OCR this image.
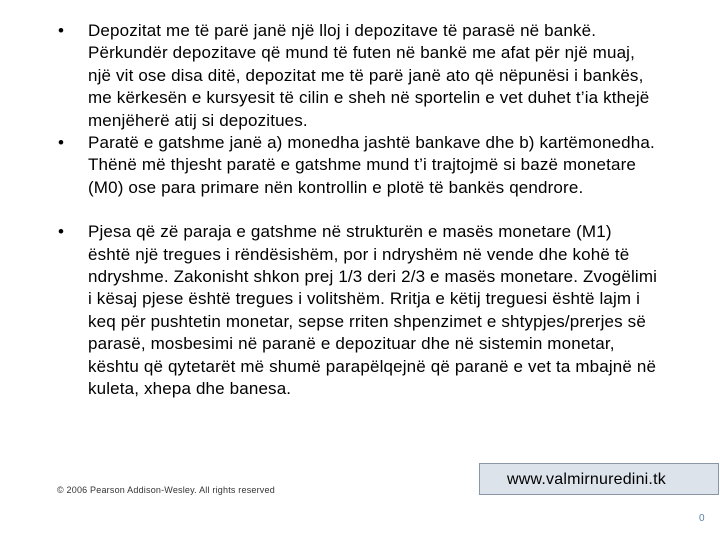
•	Depozitat me të parë janë një lloj i depozitave të parasë në bankë. Përkundër depozitave që mund të futen në bankë me afat për një muaj, një vit ose disa ditë, depozitat me të parë janë ato që nëpunësi i bankës, me kërkesën e kursyesit të cilin e sheh në sportelin e vet duhet t’ia kthejë menjëherë atij si depozitues.
•	Paratë e gatshme janë a) monedha jashtë bankave dhe b) kartëmonedha. Thënë më thjesht paratë e gatshme mund t’i trajtojmë si bazë monetare (M0) ose para primare nën kontrollin e plotë të bankës qendrore.
•	Pjesa që zë paraja e gatshme në strukturën e masës monetare (M1) është një tregues i rëndësishëm, por i ndryshëm në vende dhe kohë të ndryshme. Zakonisht shkon prej 1/3 deri 2/3 e masës monetare. Zvogëlimi i kësaj pjese është tregues i volitshëm. Rritja e këtij treguesi është lajm i keq për pushtetin monetar, sepse rriten shpenzimet e shtypjes/prerjes së parasë, mosbesimi në paranë e depozituar dhe në sistemin monetar, kështu që qytetarët më shumë parapëlqejnë që paranë e vet ta mbajnë në kuleta, xhepa dhe banesa.
© 2006 Pearson Addison-Wesley. All rights reserved
www.valmirnuredini.tk
0
